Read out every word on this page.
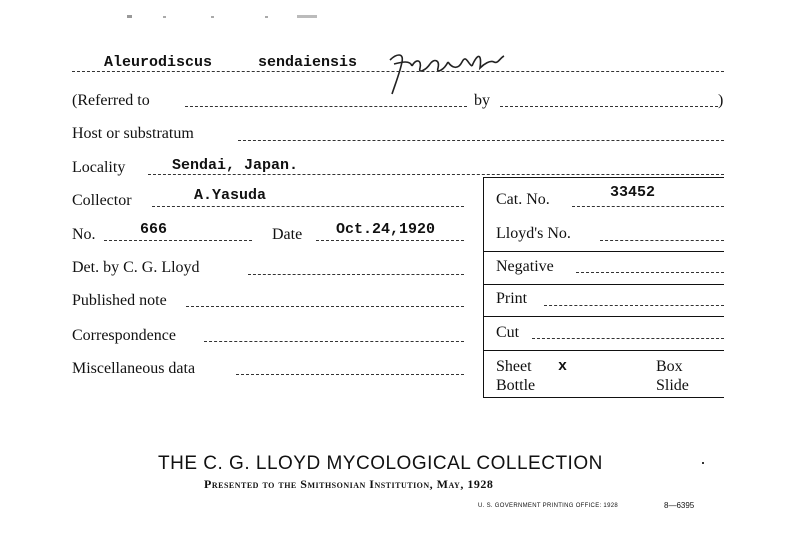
Aleurodiscus	sendaiensis
(Referred to	by	)
Host or substratum
Locality	Sendai, Japan.
Collector	A.Yasuda	Cat. No.	33452
No.	666	Date Oct.24,1920	Lloyd's No.
Det. by C. G. Lloyd	Negative
Published note	Print
Correspondence	Cut
Miscellaneous data	Sheet x	Box
Bottle	Slide
THE C. G. LLOYD MYCOLOGICAL COLLECTION
Presented to the Smithsonian Institution, May, 1928
U. S. GOVERNMENT PRINTING OFFICE: 1928	8—6395
